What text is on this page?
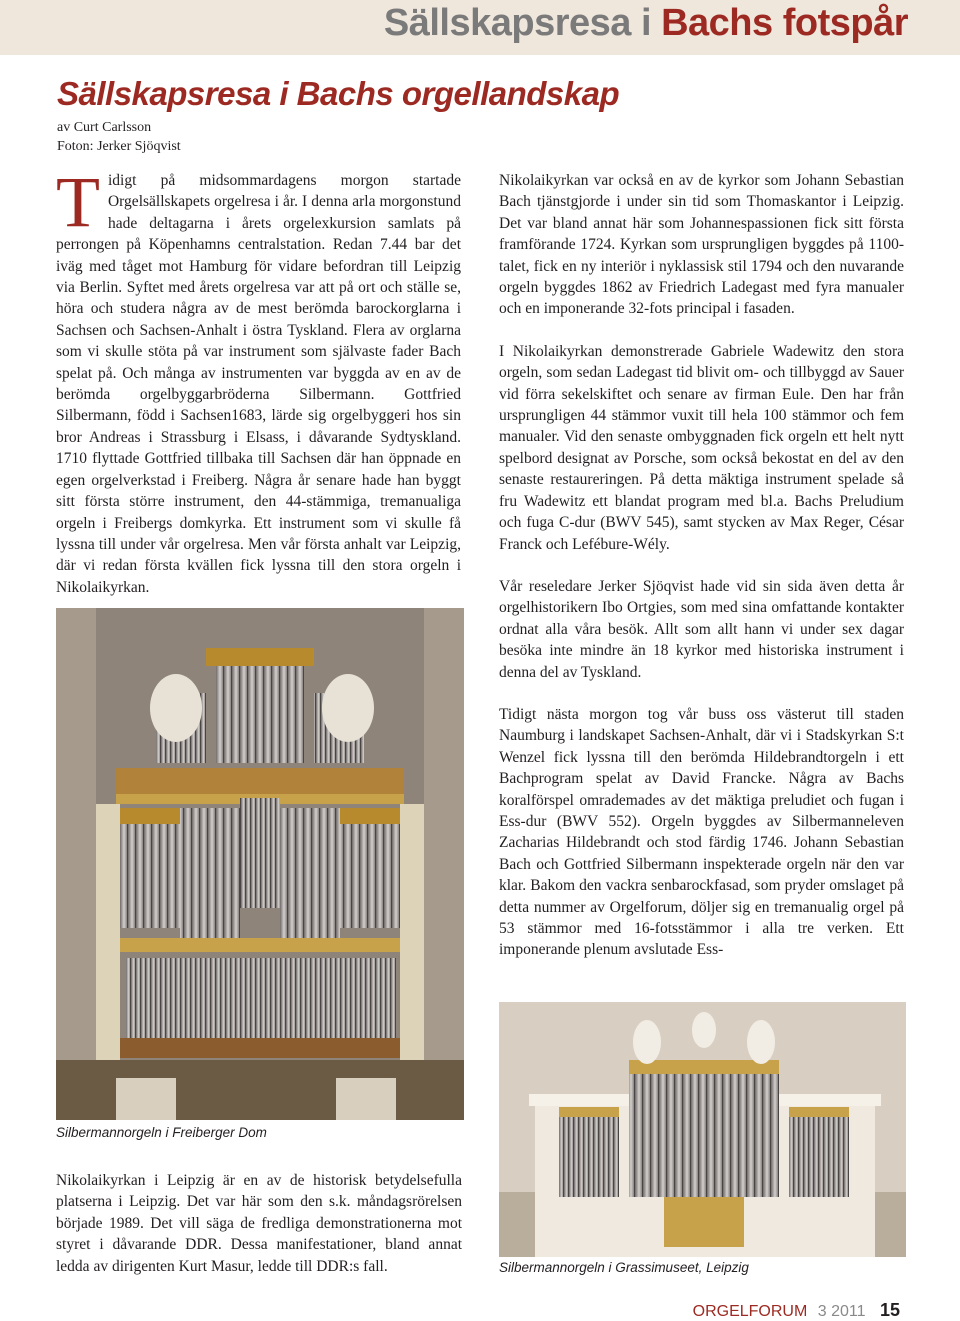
Sällskapsresa i Bachs fotspår
Sällskapsresa i Bachs orgellandskap
av Curt Carlsson
Foton: Jerker Sjöqvist

Tidigt på midsommardagens morgon startade Orgelsällskapets orgelresa i år. I denna arla morgonstund hade deltagarna i årets orgelexkursion samlats på perrongen på Köpenhamns centralstation. Redan 7.44 bar det iväg med tåget mot Hamburg för vidare befordran till Leipzig via Berlin. Syftet med årets orgelresa var att på ort och ställe se, höra och studera några av de mest berömda barockorglarna i Sachsen och Sachsen-Anhalt i östra Tyskland. Flera av orglarna som vi skulle stöta på var instrument som självaste fader Bach spelat på. Och många av instrumenten var byggda av en av de berömda orgelbyggarbröderna Silbermann. Gottfried Silbermann, född i Sachsen1683, lärde sig orgelbyggeri hos sin bror Andreas i Strassburg i Elsass, i dåvarande Sydtyskland. 1710 flyttade Gottfried tillbaka till Sachsen där han öppnade en egen orgelverkstad i Freiberg. Några år senare hade han byggt sitt första större instrument, den 44-stämmiga, tremanualiga orgeln i Freibergs domkyrka. Ett instrument som vi skulle få lyssna till under vår orgelresa. Men vår första anhalt var Leipzig, där vi redan första kvällen fick lyssna till den stora orgeln i Nikolaikyrkan.

Silbermannorgeln i Freiberger Dom

Nikolaikyrkan i Leipzig är en av de historisk betydelsefulla platserna i Leipzig. Det var här som den s.k. måndagsrörelsen började 1989. Det vill säga de fredliga demonstrationerna mot styret i dåvarande DDR. Dessa manifestationer, bland annat ledda av dirigenten Kurt Masur, ledde till DDR:s fall.

Nikolaikyrkan var också en av de kyrkor som Johann Sebastian Bach tjänstgjorde i under sin tid som Thomaskantor i Leipzig. Det var bland annat här som Johannespassionen fick sitt första framförande 1724. Kyrkan som ursprungligen byggdes på 1100-talet, fick en ny interiör i nyklassisk stil 1794 och den nuvarande orgeln byggdes 1862 av Friedrich Ladegast med fyra manualer och en imponerande 32-fots principal i fasaden.

I Nikolaikyrkan demonstrerade Gabriele Wadewitz den stora orgeln, som sedan Ladegast tid blivit om- och tillbyggd av Sauer vid förra sekelskiftet och senare av firman Eule. Den har från ursprungligen 44 stämmor vuxit till hela 100 stämmor och fem manualer. Vid den senaste ombyggnaden fick orgeln ett helt nytt spelbord designat av Porsche, som också bekostat en del av den senaste restaureringen. På detta mäktiga instrument spelade så fru Wadewitz ett blandat program med bl.a. Bachs Preludium och fuga C-dur (BWV 545), samt stycken av Max Reger, César Franck och Lefébure-Wély.

Vår reseledare Jerker Sjöqvist hade vid sin sida även detta år orgelhistorikern Ibo Ortgies, som med sina omfattande kontakter ordnat alla våra besök. Allt som allt hann vi under sex dagar besöka inte mindre än 18 kyrkor med historiska instrument i denna del av Tyskland.

Tidigt nästa morgon tog vår buss oss västerut till staden Naumburg i landskapet Sachsen-Anhalt, där vi i Stadskyrkan S:t Wenzel fick lyssna till den berömda Hildebrandtorgeln i ett Bachprogram spelat av David Francke. Några av Bachs koralförspel omrademades av det mäktiga preludiet och fugan i Ess-dur (BWV 552). Orgeln byggdes av Silbermanneleven Zacharias Hildebrandt och stod färdig 1746. Johann Sebastian Bach och Gottfried Silbermann inspekterade orgeln när den var klar. Bakom den vackra senbarockfasad, som pryder omslaget på detta nummer av Orgelforum, döljer sig en tremanualig orgel på 53 stämmor med 16-fotsstämmor i alla tre verken. Ett imponerande plenum avslutade Ess-

Silbermannorgeln i Grassimuseet, Leipzig
ORGELFORUM 3 2011 15
